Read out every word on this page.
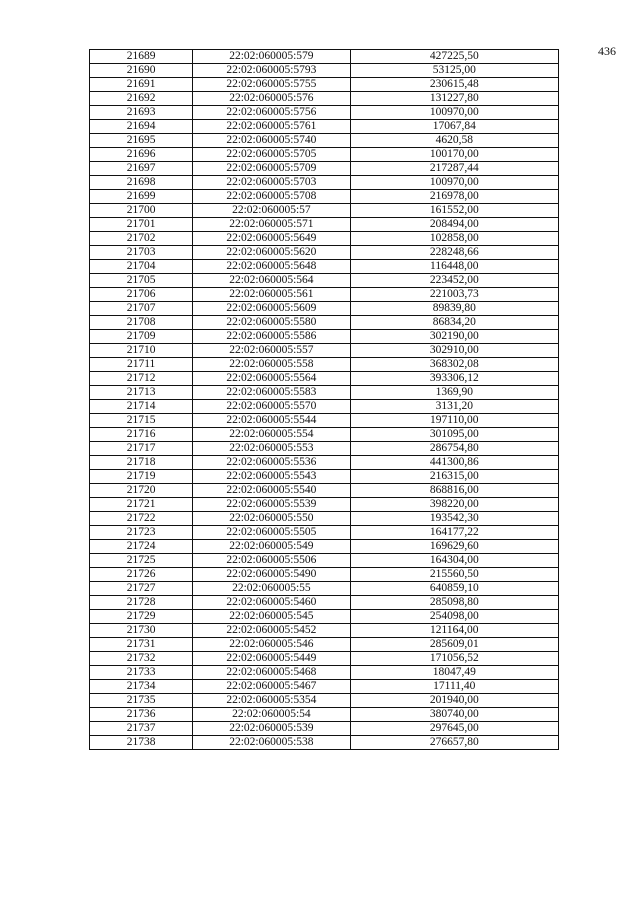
436
21689	22:02:060005:579	427225,50
21690	22:02:060005:5793	53125,00
21691	22:02:060005:5755	230615,48
21692	22:02:060005:576	131227,80
21693	22:02:060005:5756	100970,00
21694	22:02:060005:5761	17067,84
21695	22:02:060005:5740	4620,58
21696	22:02:060005:5705	100170,00
21697	22:02:060005:5709	217287,44
21698	22:02:060005:5703	100970,00
21699	22:02:060005:5708	216978,00
21700	22:02:060005:57	161552,00
21701	22:02:060005:571	208494,00
21702	22:02:060005:5649	102858,00
21703	22:02:060005:5620	228248,66
21704	22:02:060005:5648	116448,00
21705	22:02:060005:564	223452,00
21706	22:02:060005:561	221003,73
21707	22:02:060005:5609	89839,80
21708	22:02:060005:5580	86834,20
21709	22:02:060005:5586	302190,00
21710	22:02:060005:557	302910,00
21711	22:02:060005:558	368302,08
21712	22:02:060005:5564	393306,12
21713	22:02:060005:5583	1369,90
21714	22:02:060005:5570	3131,20
21715	22:02:060005:5544	197110,00
21716	22:02:060005:554	301095,00
21717	22:02:060005:553	286754,80
21718	22:02:060005:5536	441300,86
21719	22:02:060005:5543	216315,00
21720	22:02:060005:5540	868816,00
21721	22:02:060005:5539	398220,00
21722	22:02:060005:550	193542,30
21723	22:02:060005:5505	164177,22
21724	22:02:060005:549	169629,60
21725	22:02:060005:5506	164304,00
21726	22:02:060005:5490	215560,50
21727	22:02:060005:55	640859,10
21728	22:02:060005:5460	285098,80
21729	22:02:060005:545	254098,00
21730	22:02:060005:5452	121164,00
21731	22:02:060005:546	285609,01
21732	22:02:060005:5449	171056,52
21733	22:02:060005:5468	18047,49
21734	22:02:060005:5467	17111,40
21735	22:02:060005:5354	201940,00
21736	22:02:060005:54	380740,00
21737	22:02:060005:539	297645,00
21738	22:02:060005:538	276657,80
